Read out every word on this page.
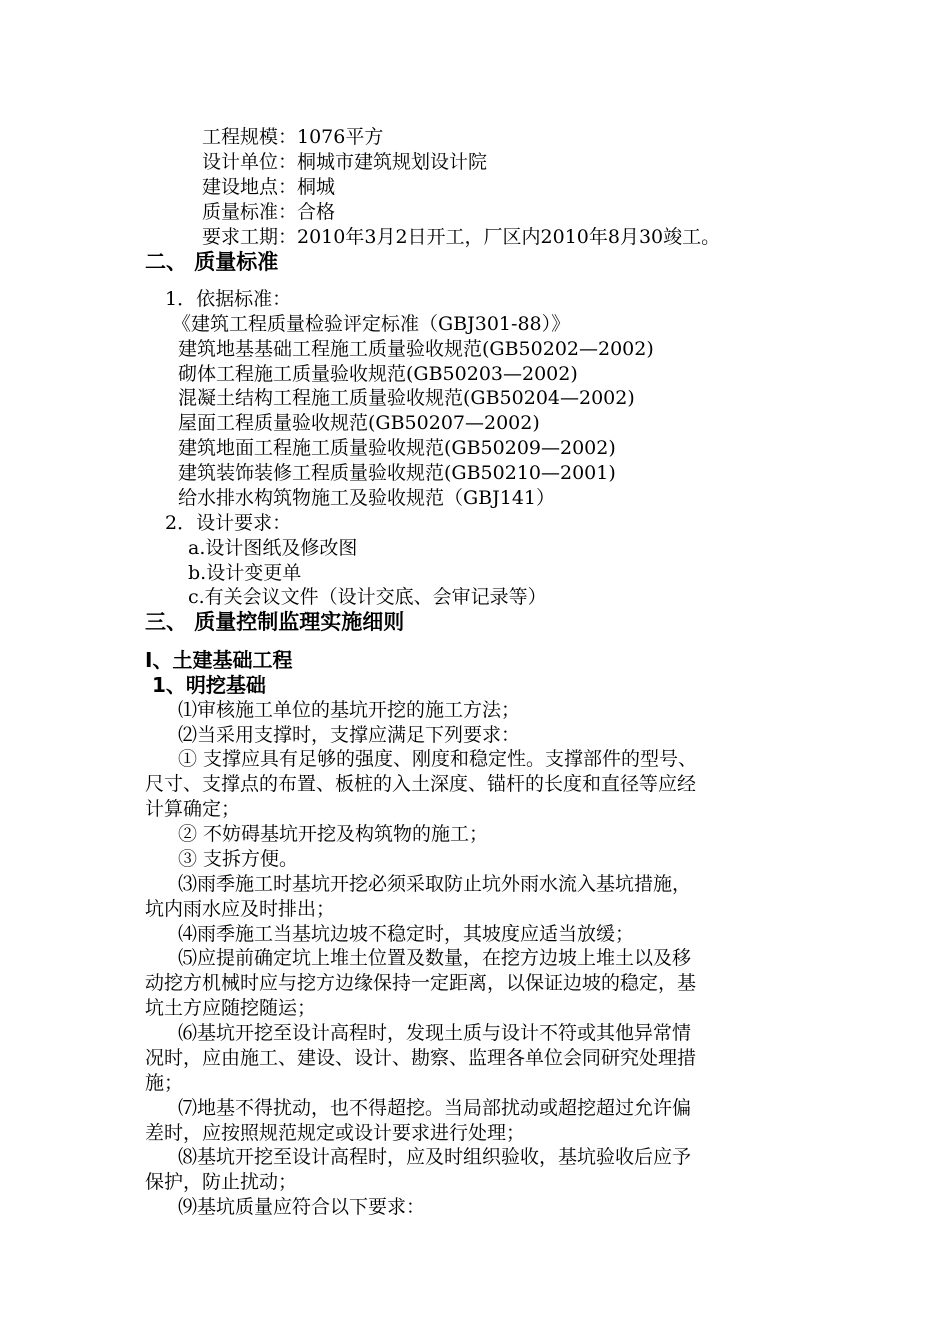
工程规模：1076平方
设计单位：桐城市建筑规划设计院
建设地点：桐城
质量标准：合格
要求工期：2010年3月2日开工，厂区内2010年8月30竣工。
二、 质量标准
1．依据标准：
《建筑工程质量检验评定标准（GBJ301-88）》
建筑地基基础工程施工质量验收规范(GB50202—2002)
砌体工程施工质量验收规范(GB50203—2002)
混凝土结构工程施工质量验收规范(GB50204—2002)
屋面工程质量验收规范(GB50207—2002)
建筑地面工程施工质量验收规范(GB50209—2002)
建筑装饰装修工程质量验收规范(GB50210—2001)
给水排水构筑物施工及验收规范（GBJ141）
2．设计要求：
a.设计图纸及修改图
b.设计变更单
c.有关会议文件（设计交底、会审记录等）
三、 质量控制监理实施细则
Ⅰ、土建基础工程
1、明挖基础
⑴审核施工单位的基坑开挖的施工方法；
⑵当采用支撑时，支撑应满足下列要求：
① 支撑应具有足够的强度、刚度和稳定性。支撑部件的型号、
尺寸、支撑点的布置、板桩的入土深度、锚杆的长度和直径等应经
计算确定；
② 不妨碍基坑开挖及构筑物的施工；
③ 支拆方便。
⑶雨季施工时基坑开挖必须采取防止坑外雨水流入基坑措施，
坑内雨水应及时排出；
⑷雨季施工当基坑边坡不稳定时，其坡度应适当放缓；
⑸应提前确定坑上堆土位置及数量，在挖方边坡上堆土以及移
动挖方机械时应与挖方边缘保持一定距离，以保证边坡的稳定，基
坑土方应随挖随运；
⑹基坑开挖至设计高程时，发现土质与设计不符或其他异常情
况时，应由施工、建设、设计、勘察、监理各单位会同研究处理措
施；
⑺地基不得扰动，也不得超挖。当局部扰动或超挖超过允许偏
差时，应按照规范规定或设计要求进行处理；
⑻基坑开挖至设计高程时，应及时组织验收，基坑验收后应予
保护，防止扰动；
⑼基坑质量应符合以下要求：
